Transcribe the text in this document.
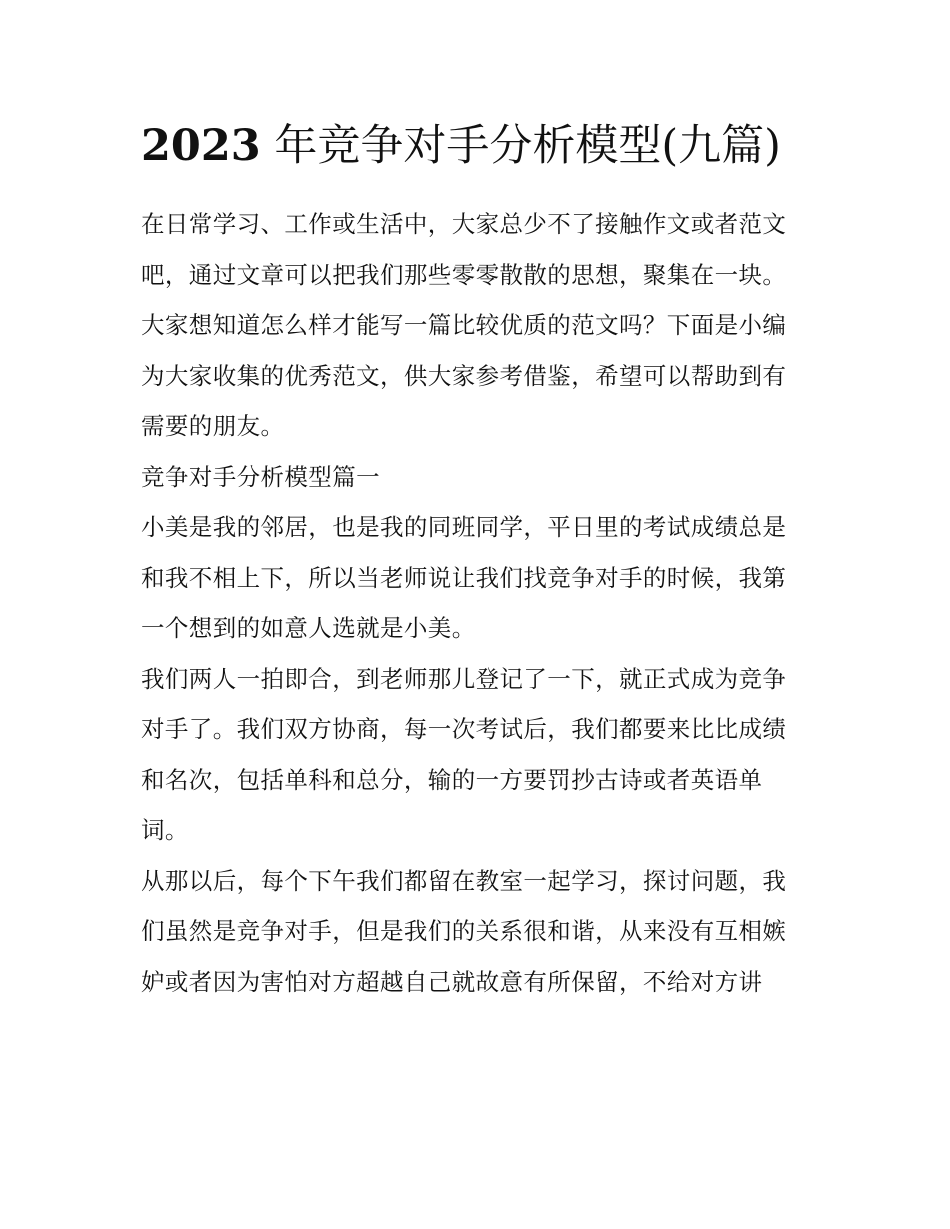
2023 年竞争对手分析模型(九篇)

在日常学习、工作或生活中，大家总少不了接触作文或者范文
吧，通过文章可以把我们那些零零散散的思想，聚集在一块。
大家想知道怎么样才能写一篇比较优质的范文吗？下面是小编
为大家收集的优秀范文，供大家参考借鉴，希望可以帮助到有
需要的朋友。

竞争对手分析模型篇一

小美是我的邻居，也是我的同班同学，平日里的考试成绩总是
和我不相上下，所以当老师说让我们找竞争对手的时候，我第
一个想到的如意人选就是小美。

我们两人一拍即合，到老师那儿登记了一下，就正式成为竞争
对手了。我们双方协商，每一次考试后，我们都要来比比成绩
和名次，包括单科和总分，输的一方要罚抄古诗或者英语单
词。

从那以后，每个下午我们都留在教室一起学习，探讨问题，我
们虽然是竞争对手，但是我们的关系很和谐，从来没有互相嫉
妒或者因为害怕对方超越自己就故意有所保留，不给对方讲
